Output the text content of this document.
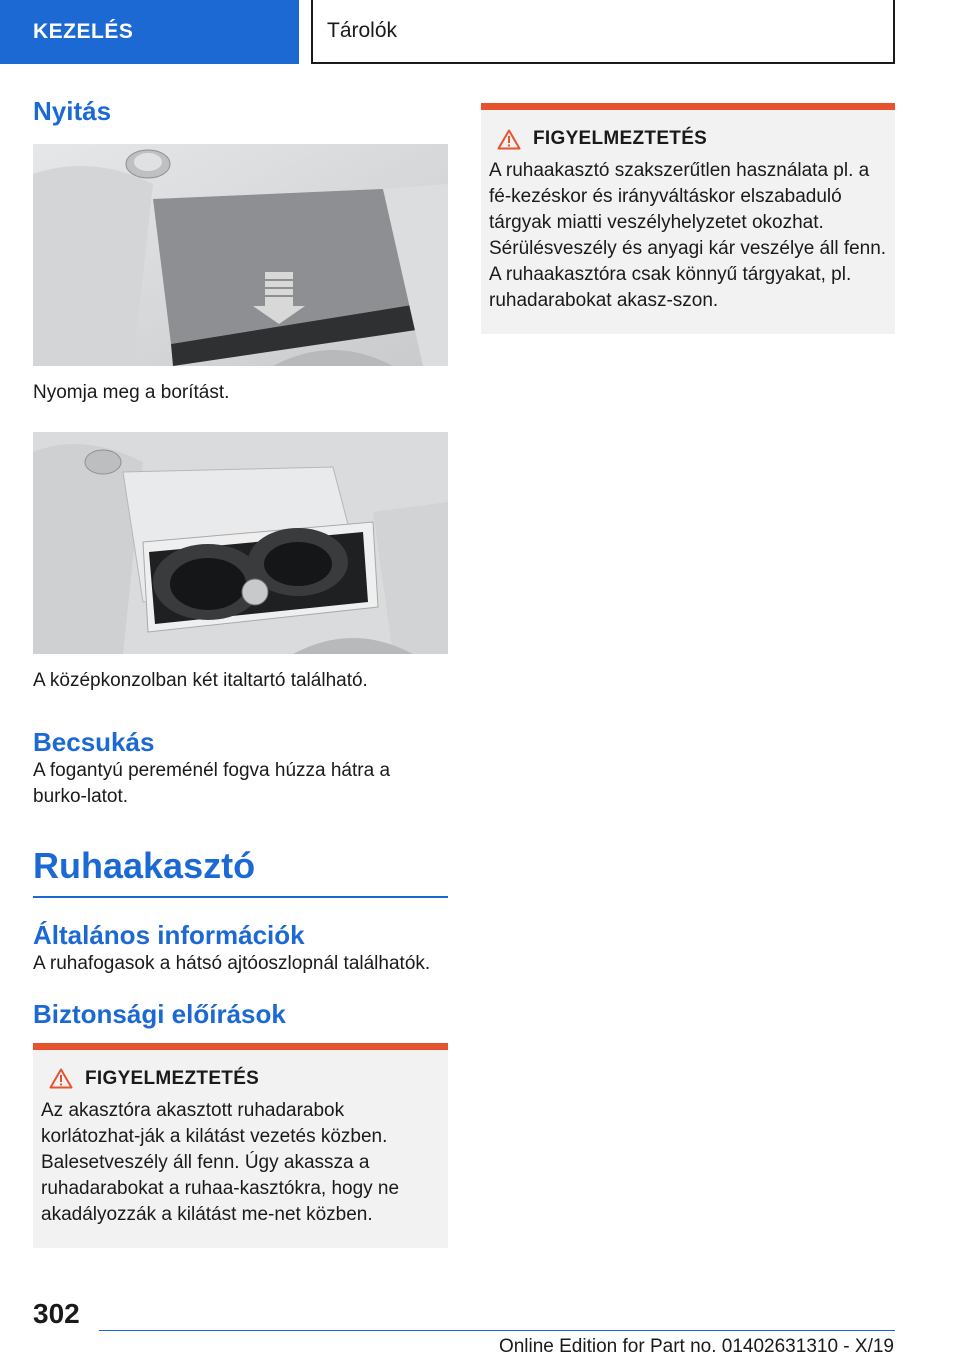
KEZELÉS	Tárolók
Nyitás

Nyomja meg a borítást.

A középkonzolban két italtartó található.

Becsukás

A fogantyú pereménél fogva húzza hátra a burko-latot.

Ruhaakasztó
Általános információk

A ruhafogasok a hátsó ajtóoszlopnál találhatók.

Biztonsági előírások
FIGYELMEZTETÉS
Az akasztóra akasztott ruhadarabok korlátozhat-ják a kilátást vezetés közben. Balesetveszély áll fenn. Úgy akassza a ruhadarabokat a ruhaa-kasztókra, hogy ne akadályozzák a kilátást me-net közben.
FIGYELMEZTETÉS
A ruhaakasztó szakszerűtlen használata pl. a fé-kezéskor és irányváltáskor elszabaduló tárgyak miatti veszélyhelyzetet okozhat. Sérülésveszély és anyagi kár veszélye áll fenn. A ruhaakasztóra csak könnyű tárgyakat, pl. ruhadarabokat akasz-szon.
302
Online Edition for Part no. 01402631310 - X/19
